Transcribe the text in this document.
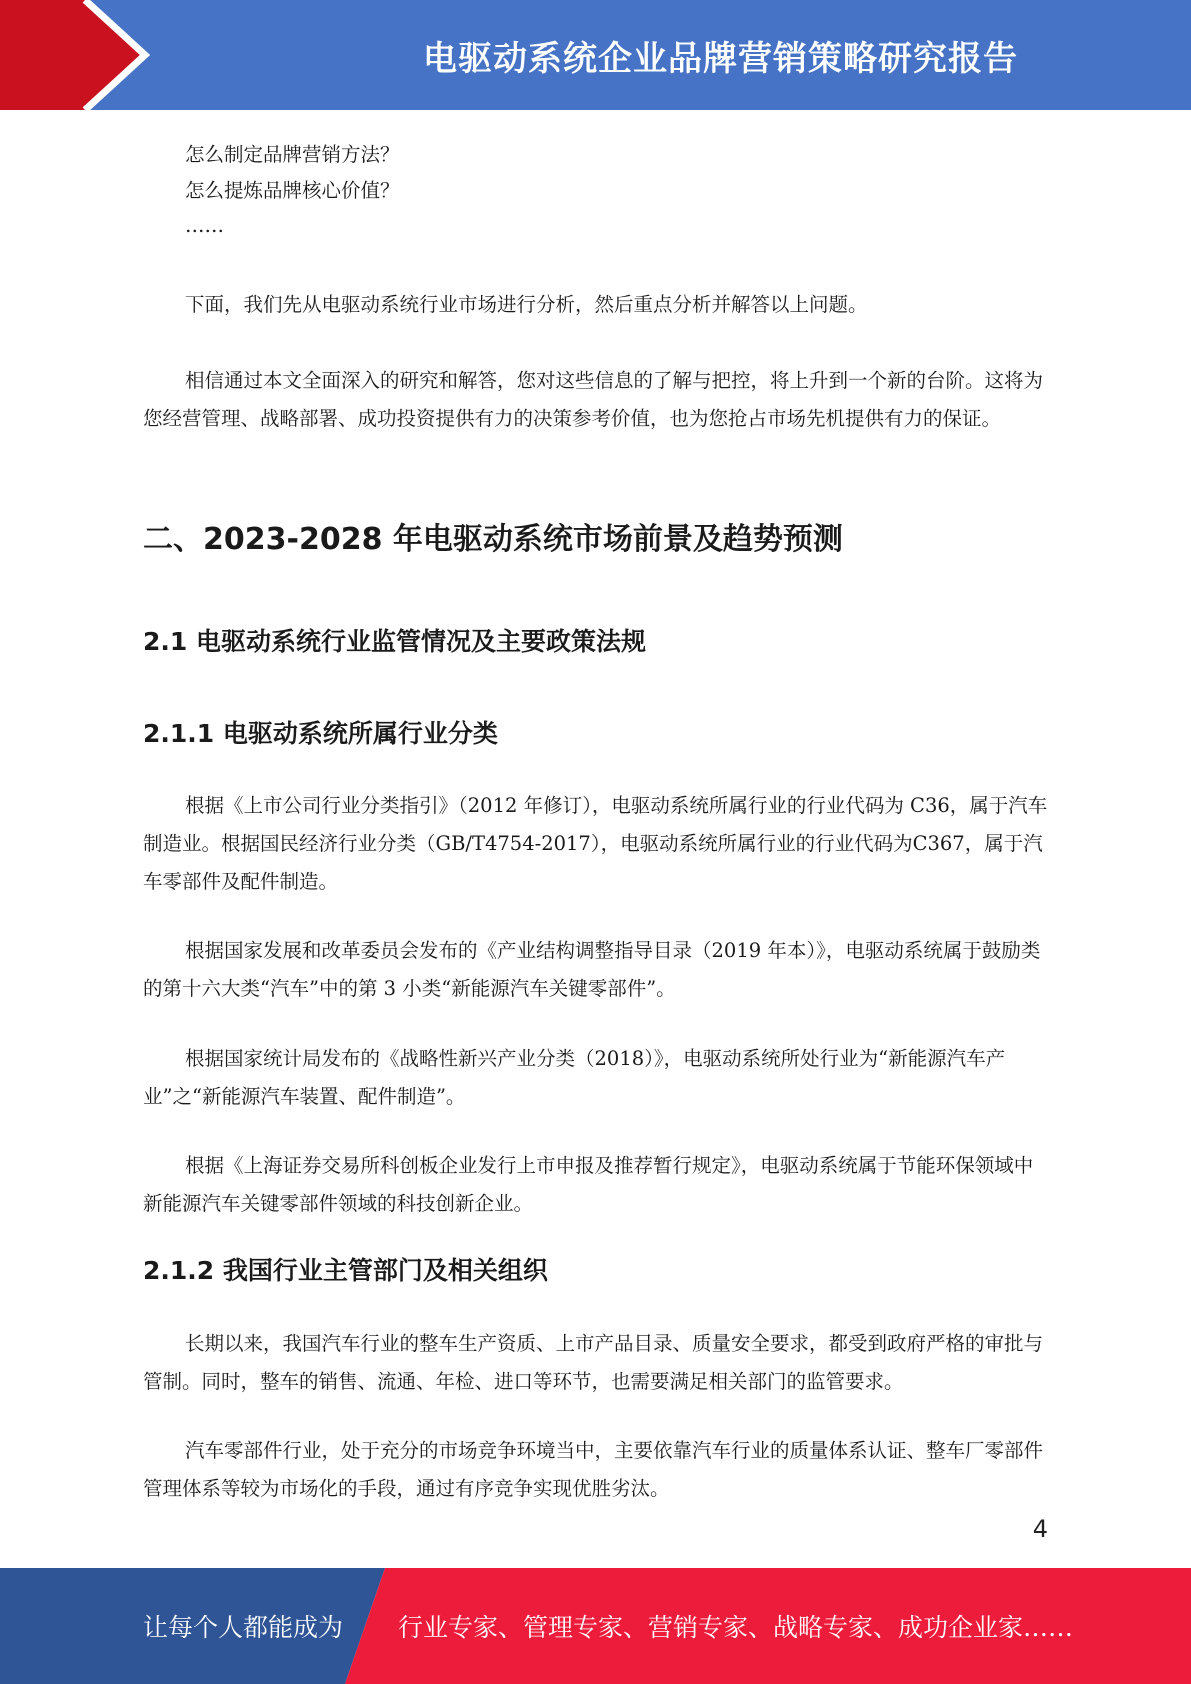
电驱动系统企业品牌营销策略研究报告

怎么制定品牌营销方法？

怎么提炼品牌核心价值？

……

下面，我们先从电驱动系统行业市场进行分析，然后重点分析并解答以上问题。

相信通过本文全面深入的研究和解答，您对这些信息的了解与把控，将上升到一个新的台阶。这将为您经营管理、战略部署、成功投资提供有力的决策参考价值，也为您抢占市场先机提供有力的保证。

二、2023-2028 年电驱动系统市场前景及趋势预测
2.1 电驱动系统行业监管情况及主要政策法规
2.1.1 电驱动系统所属行业分类

根据《上市公司行业分类指引》（2012 年修订），电驱动系统所属行业的行业代码为 C36，属于汽车制造业。根据国民经济行业分类（GB/T4754-2017），电驱动系统所属行业的行业代码为C367，属于汽车零部件及配件制造。

根据国家发展和改革委员会发布的《产业结构调整指导目录（2019 年本）》，电驱动系统属于鼓励类的第十六大类“汽车”中的第 3 小类“新能源汽车关键零部件”。

根据国家统计局发布的《战略性新兴产业分类（2018）》，电驱动系统所处行业为“新能源汽车产业”之“新能源汽车装置、配件制造”。

根据《上海证券交易所科创板企业发行上市申报及推荐暂行规定》，电驱动系统属于节能环保领域中新能源汽车关键零部件领域的科技创新企业。

2.1.2 我国行业主管部门及相关组织

长期以来，我国汽车行业的整车生产资质、上市产品目录、质量安全要求，都受到政府严格的审批与管制。同时，整车的销售、流通、年检、进口等环节，也需要满足相关部门的监管要求。

汽车零部件行业，处于充分的市场竞争环境当中，主要依靠汽车行业的质量体系认证、整车厂零部件管理体系等较为市场化的手段，通过有序竞争实现优胜劣汰。

4
让每个人都能成为 行业专家、管理专家、营销专家、战略专家、成功企业家……
